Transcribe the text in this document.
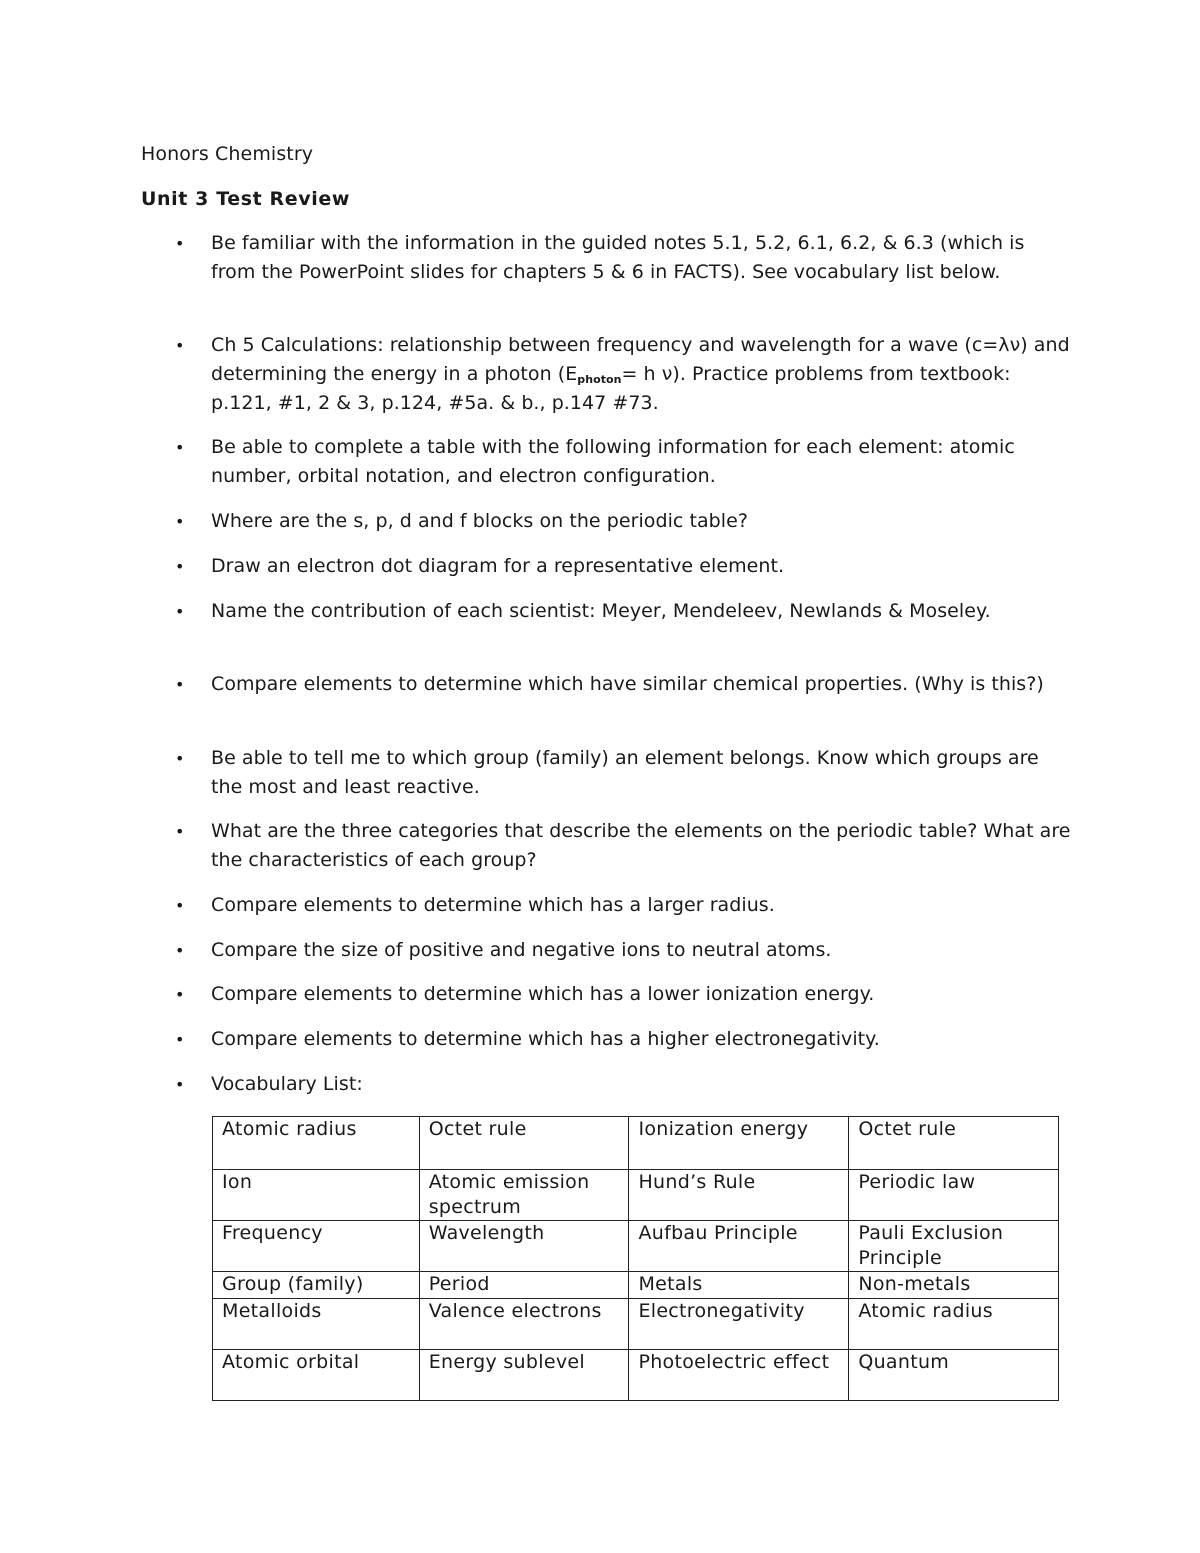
Honors Chemistry
Unit 3 Test Review
• Be familiar with the information in the guided notes 5.1, 5.2, 6.1, 6.2, & 6.3 (which is from the PowerPoint slides for chapters 5 & 6 in FACTS). See vocabulary list below.
• Ch 5 Calculations: relationship between frequency and wavelength for a wave (c=λν) and determining the energy in a photon ($E_{photon}= h$ ν). Practice problems from textbook: p.121, #1, 2 & 3, p.124, #5a. & b., p.147 #73.
• Be able to complete a table with the following information for each element: atomic number, orbital notation, and electron configuration.
• Where are the s, p, d and f blocks on the periodic table?
• Draw an electron dot diagram for a representative element.
• Name the contribution of each scientist: Meyer, Mendeleev, Newlands & Moseley.
• Compare elements to determine which have similar chemical properties. (Why is this?)
• Be able to tell me to which group (family) an element belongs. Know which groups are the most and least reactive.
• What are the three categories that describe the elements on the periodic table? What are the characteristics of each group?
• Compare elements to determine which has a larger radius.
• Compare the size of positive and negative ions to neutral atoms.
• Compare elements to determine which has a lower ionization energy.
• Compare elements to determine which has a higher electronegativity.
• Vocabulary List:
Atomic radius	Octet rule	Ionization energy	Octet rule
Ion	Atomic emission spectrum	Hund’s Rule	Periodic law
Frequency	Wavelength	Aufbau Principle	Pauli Exclusion Principle
Group (family)	Period	Metals	Non-metals
Metalloids	Valence electrons	Electronegativity	Atomic radius
Atomic orbital	Energy sublevel	Photoelectric effect	Quantum
